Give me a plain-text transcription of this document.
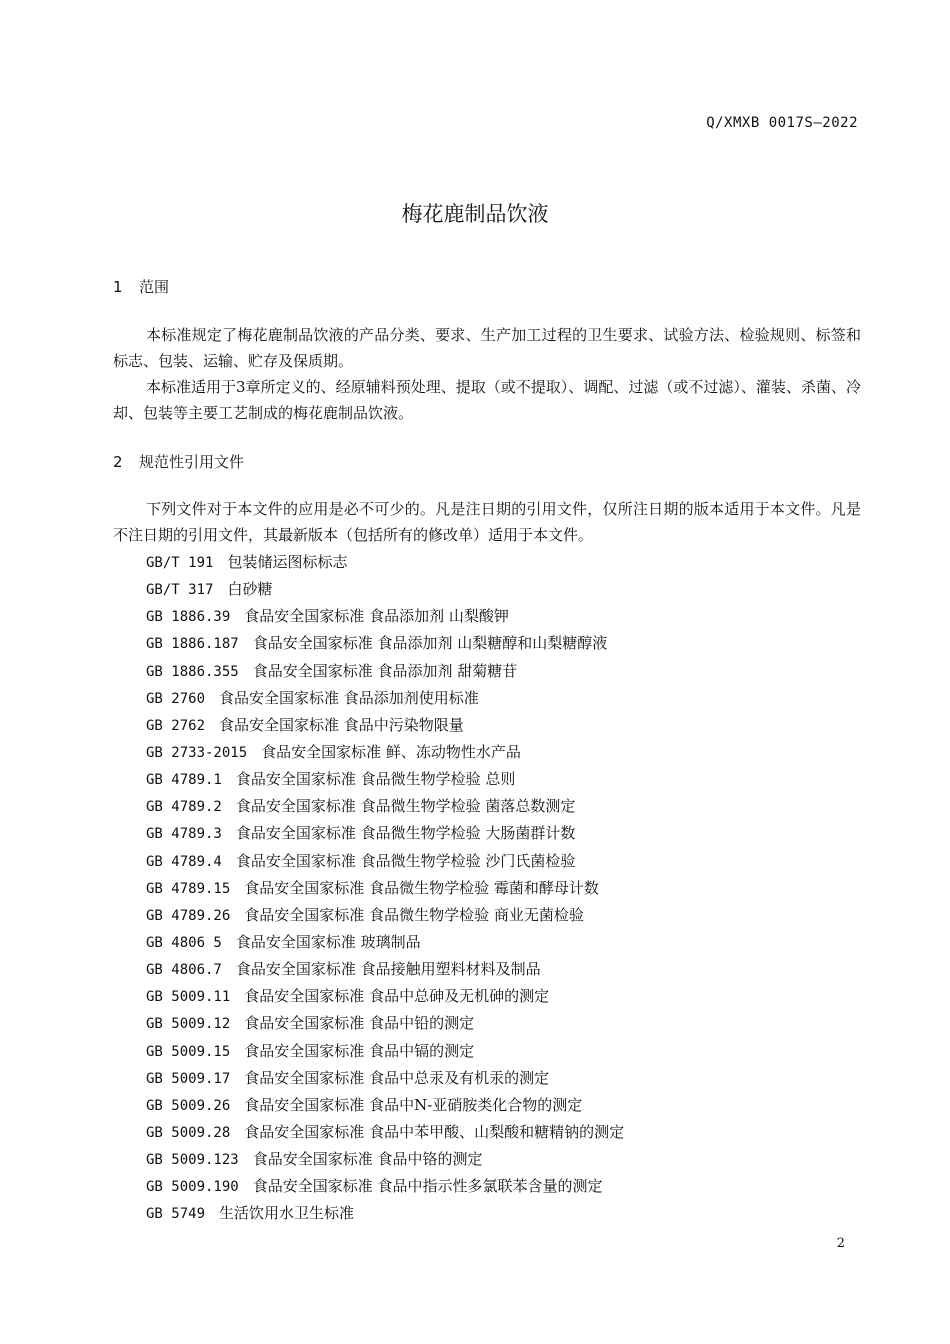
Q/XMXB 0017S—2022
梅花鹿制品饮液
1 范围

本标准规定了梅花鹿制品饮液的产品分类、要求、生产加工过程的卫生要求、试验方法、检验规则、标签和标志、包装、运输、贮存及保质期。

本标准适用于3章所定义的、经原辅料预处理、提取（或不提取）、调配、过滤（或不过滤）、灌装、杀菌、冷却、包装等主要工艺制成的梅花鹿制品饮液。

2 规范性引用文件

下列文件对于本文件的应用是必不可少的。凡是注日期的引用文件，仅所注日期的版本适用于本文件。凡是不注日期的引用文件，其最新版本（包括所有的修改单）适用于本文件。

GB/T 191 包装储运图标标志
GB/T 317 白砂糖
GB 1886.39 食品安全国家标准 食品添加剂 山梨酸钾
GB 1886.187 食品安全国家标准 食品添加剂 山梨糖醇和山梨糖醇液
GB 1886.355 食品安全国家标准 食品添加剂 甜菊糖苷
GB 2760 食品安全国家标准 食品添加剂使用标准
GB 2762 食品安全国家标准 食品中污染物限量
GB 2733-2015 食品安全国家标准 鲜、冻动物性水产品
GB 4789.1 食品安全国家标准 食品微生物学检验 总则
GB 4789.2 食品安全国家标准 食品微生物学检验 菌落总数测定
GB 4789.3 食品安全国家标准 食品微生物学检验 大肠菌群计数
GB 4789.4 食品安全国家标准 食品微生物学检验 沙门氏菌检验
GB 4789.15 食品安全国家标准 食品微生物学检验 霉菌和酵母计数
GB 4789.26 食品安全国家标准 食品微生物学检验 商业无菌检验
GB 4806 5 食品安全国家标准 玻璃制品
GB 4806.7 食品安全国家标准 食品接触用塑料材料及制品
GB 5009.11 食品安全国家标准 食品中总砷及无机砷的测定
GB 5009.12 食品安全国家标准 食品中铅的测定
GB 5009.15 食品安全国家标准 食品中镉的测定
GB 5009.17 食品安全国家标准 食品中总汞及有机汞的测定
GB 5009.26 食品安全国家标准 食品中N-亚硝胺类化合物的测定
GB 5009.28 食品安全国家标准 食品中苯甲酸、山梨酸和糖精钠的测定
GB 5009.123 食品安全国家标准 食品中铬的测定
GB 5009.190 食品安全国家标准 食品中指示性多氯联苯含量的测定
GB 5749 生活饮用水卫生标准
2
